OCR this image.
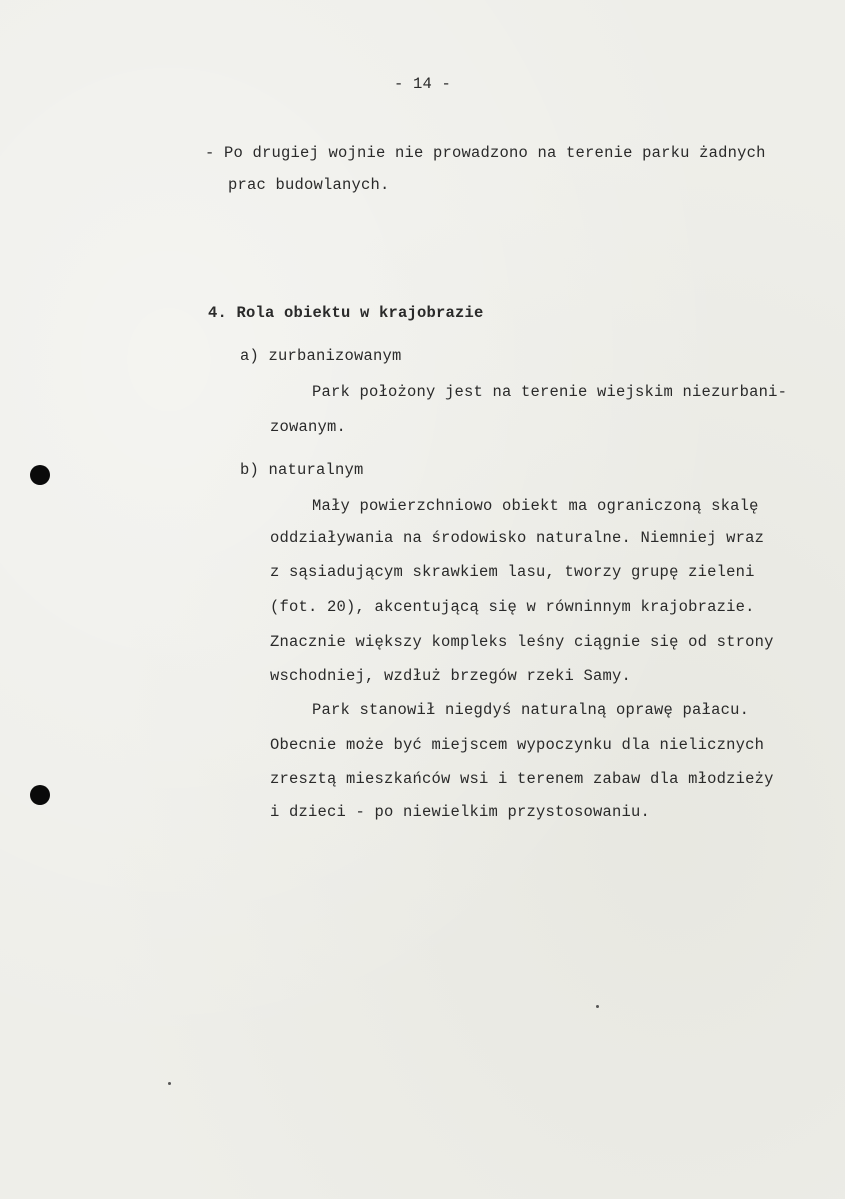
- 14 -
- Po drugiej wojnie nie prowadzono na terenie parku żadnych
prac budowlanych.
4. Rola obiektu w krajobrazie
a) zurbanizowanym
Park położony jest na terenie wiejskim niezurbani-
zowanym.
b) naturalnym
Mały powierzchniowo obiekt ma ograniczoną skalę
oddziaływania na środowisko naturalne. Niemniej wraz
z sąsiadującym skrawkiem lasu, tworzy grupę zieleni
(fot. 20), akcentującą się w równinnym krajobrazie.
Znacznie większy kompleks leśny ciągnie się od strony
wschodniej, wzdłuż brzegów rzeki Samy.
Park stanowił niegdyś naturalną oprawę pałacu.
Obecnie może być miejscem wypoczynku dla nielicznych
zresztą mieszkańców wsi i terenem zabaw dla młodzieży
i dzieci - po niewielkim przystosowaniu.
